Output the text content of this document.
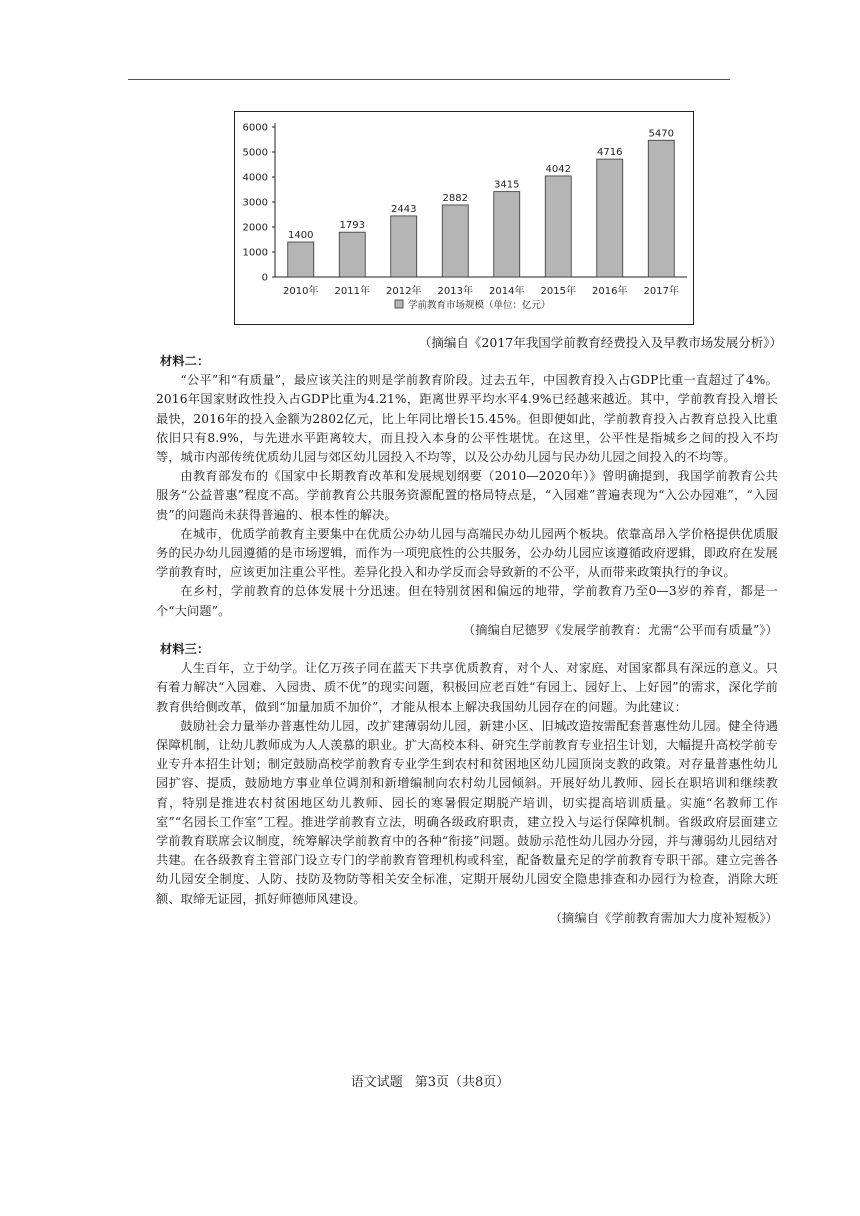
0
1000
2000
3000
4000
5000
6000
1400
2010年
1793
2011年
2443
2012年
2882
2013年
3415
2014年
4042
2015年
4716
2016年
5470
2017年
学前教育市场规模（单位：亿元）
（摘编自《2017年我国学前教育经费投入及早教市场发展分析》）

材料二：

“公平”和“有质量”，最应该关注的则是学前教育阶段。过去五年，中国教育投入占GDP比重一直超过了4%。2016年国家财政性投入占GDP比重为4.21%，距离世界平均水平4.9%已经越来越近。其中，学前教育投入增长最快，2016年的投入金额为2802亿元，比上年同比增长15.45%。但即便如此，学前教育投入占教育总投入比重依旧只有8.9%，与先进水平距离较大，而且投入本身的公平性堪忧。在这里，公平性是指城乡之间的投入不均等，城市内部传统优质幼儿园与郊区幼儿园投入不均等，以及公办幼儿园与民办幼儿园之间投入的不均等。

由教育部发布的《国家中长期教育改革和发展规划纲要（2010—2020年）》曾明确提到，我国学前教育公共服务“公益普惠”程度不高。学前教育公共服务资源配置的格局特点是，“入园难”普遍表现为“入公办园难”，“入园贵”的问题尚未获得普遍的、根本性的解决。

在城市，优质学前教育主要集中在优质公办幼儿园与高端民办幼儿园两个板块。依靠高昂入学价格提供优质服务的民办幼儿园遵循的是市场逻辑，而作为一项兜底性的公共服务，公办幼儿园应该遵循政府逻辑，即政府在发展学前教育时，应该更加注重公平性。差异化投入和办学反而会导致新的不公平，从而带来政策执行的争议。

在乡村，学前教育的总体发展十分迅速。但在特别贫困和偏远的地带，学前教育乃至0—3岁的养育，都是一个“大问题”。

（摘编自尼德罗《发展学前教育：尤需“公平而有质量”》）

材料三：

人生百年，立于幼学。让亿万孩子同在蓝天下共享优质教育，对个人、对家庭、对国家都具有深远的意义。只有着力解决“入园难、入园贵、质不优”的现实问题，积极回应老百姓“有园上、园好上、上好园”的需求，深化学前教育供给侧改革，做到“加量加质不加价”，才能从根本上解决我国幼儿园存在的问题。为此建议：

鼓励社会力量举办普惠性幼儿园，改扩建薄弱幼儿园，新建小区、旧城改造按需配套普惠性幼儿园。健全待遇保障机制，让幼儿教师成为人人羡慕的职业。扩大高校本科、研究生学前教育专业招生计划，大幅提升高校学前专业专升本招生计划；制定鼓励高校学前教育专业学生到农村和贫困地区幼儿园顶岗支教的政策。对存量普惠性幼儿园扩容、提质，鼓励地方事业单位调剂和新增编制向农村幼儿园倾斜。开展好幼儿教师、园长在职培训和继续教育，特别是推进农村贫困地区幼儿教师、园长的寒暑假定期脱产培训，切实提高培训质量。实施“名教师工作室”“名园长工作室”工程。推进学前教育立法，明确各级政府职责，建立投入与运行保障机制。省级政府层面建立学前教育联席会议制度，统筹解决学前教育中的各种“衔接”问题。鼓励示范性幼儿园办分园，并与薄弱幼儿园结对共建。在各级教育主管部门设立专门的学前教育管理机构或科室，配备数量充足的学前教育专职干部。建立完善各幼儿园安全制度、人防、技防及物防等相关安全标准，定期开展幼儿园安全隐患排查和办园行为检查，消除大班额、取缔无证园，抓好师德师风建设。

（摘编自《学前教育需加大力度补短板》）

语文试题 第3页（共8页）
